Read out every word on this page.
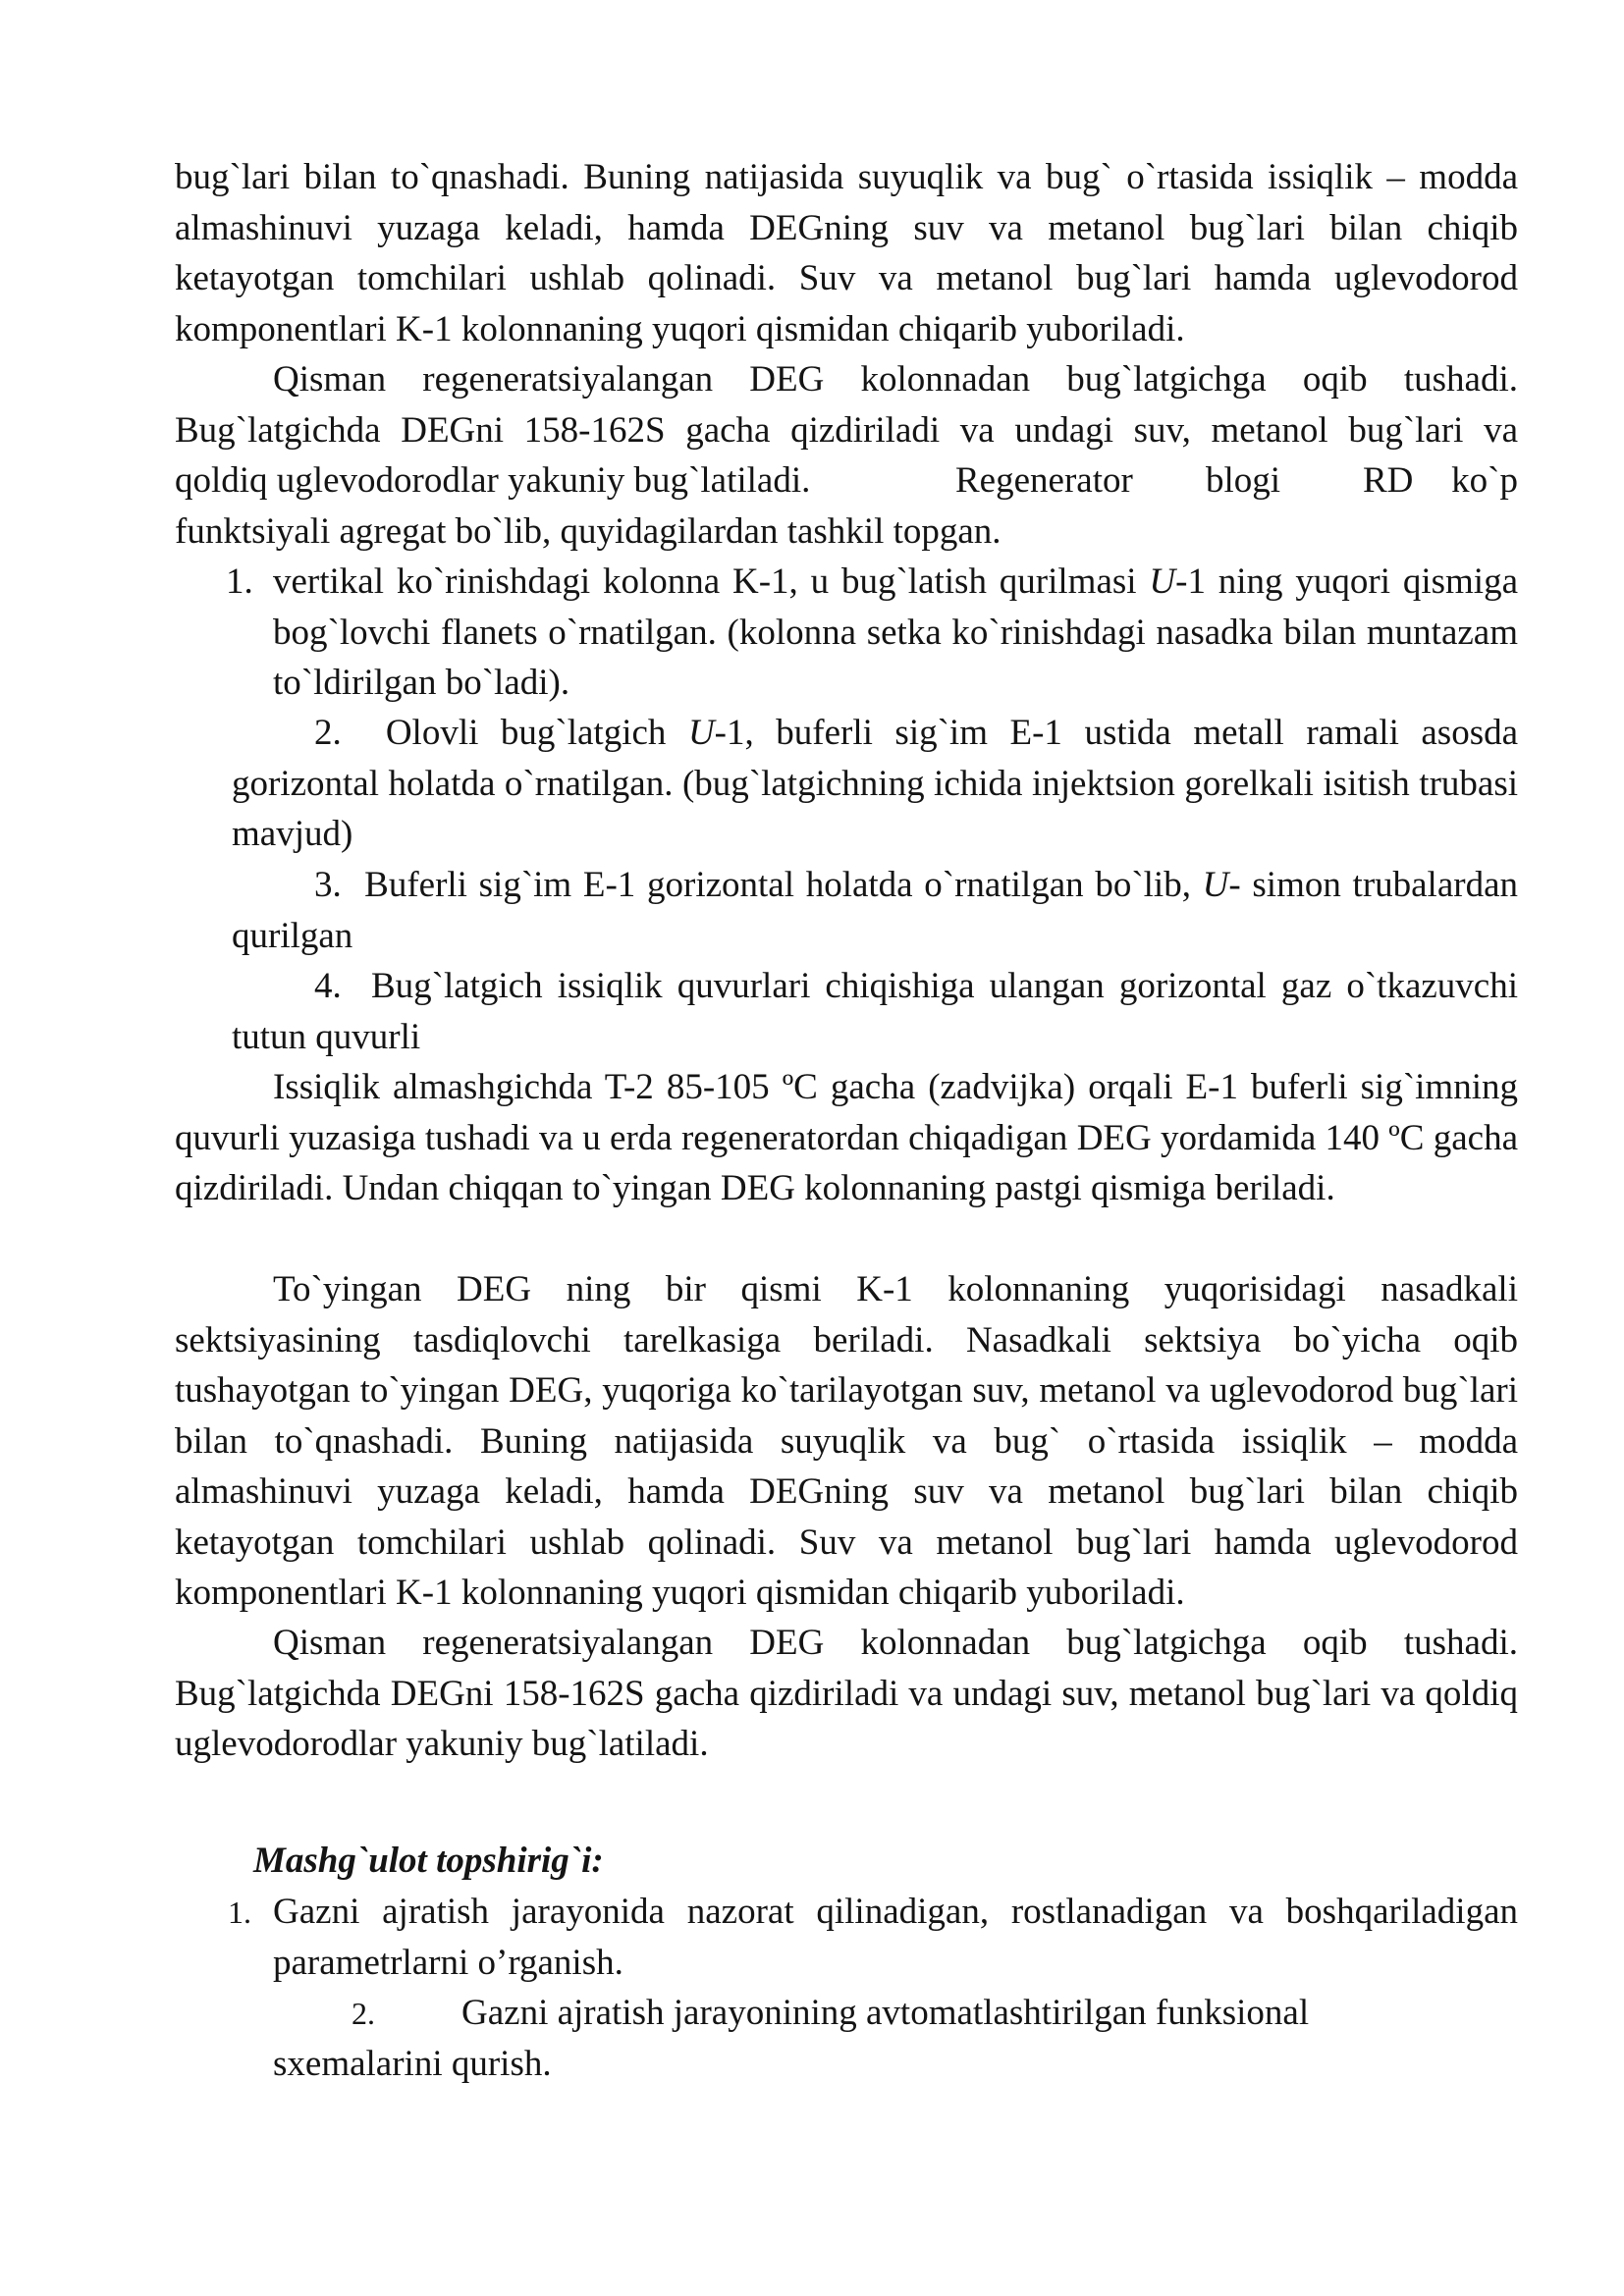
bug`lari bilan to`qnashadi. Buning natijasida suyuqlik va bug` o`rtasida issiqlik – modda almashinuvi yuzaga keladi, hamda DEGning suv va metanol bug`lari bilan chiqib ketayotgan tomchilari ushlab qolinadi. Suv va metanol bug`lari hamda uglevodorod komponentlari K-1 kolonnaning yuqori qismidan chiqarib yuboriladi.

Qisman regeneratsiyalangan DEG kolonnadan bug`latgichga oqib tushadi.
Bug`latgichda DEGni 158-162S gacha qizdiriladi va undagi suv, metanol bug`lari va
qoldiq uglevodorodlar yakuniy bug`latiladi.	Regenerator blogi RD ko`p
funktsiyali agregat bo`lib, quyidagilardan tashkil topgan.
1. vertikal ko`rinishdagi kolonna K-1, u bug`latish qurilmasi U-1 ning yuqori qismiga bog`lovchi flanets o`rnatilgan. (kolonna setka ko`rinishdagi nasadka bilan muntazam to`ldirilgan bo`ladi).

2. Olovli bug`latgich U-1, buferli sig`im E-1 ustida metall ramali asosda gorizontal holatda o`rnatilgan. (bug`latgichning ichida injektsion gorelkali isitish trubasi mavjud)

3. Buferli sig`im E-1 gorizontal holatda o`rnatilgan bo`lib, U- simon trubalardan qurilgan

4. Bug`latgich issiqlik quvurlari chiqishiga ulangan gorizontal gaz o`tkazuvchi tutun quvurli

Issiqlik almashgichda T-2 85-105 ºC gacha (zadvijka) orqali E-1 buferli sig`imning quvurli yuzasiga tushadi va u erda regeneratordan chiqadigan DEG yordamida 140 ºC gacha qizdiriladi. Undan chiqqan to`yingan DEG kolonnaning pastgi qismiga beriladi.

To`yingan DEG ning bir qismi K-1 kolonnaning yuqorisidagi nasadkali sektsiyasining tasdiqlovchi tarelkasiga beriladi. Nasadkali sektsiya bo`yicha oqib tushayotgan to`yingan DEG, yuqoriga ko`tarilayotgan suv, metanol va uglevodorod bug`lari bilan to`qnashadi. Buning natijasida suyuqlik va bug` o`rtasida issiqlik – modda almashinuvi yuzaga keladi, hamda DEGning suv va metanol bug`lari bilan chiqib ketayotgan tomchilari ushlab qolinadi. Suv va metanol bug`lari hamda uglevodorod komponentlari K-1 kolonnaning yuqori qismidan chiqarib yuboriladi.

Qisman regeneratsiyalangan DEG kolonnadan bug`latgichga oqib tushadi. Bug`latgichda DEGni 158-162S gacha qizdiriladi va undagi suv, metanol bug`lari va qoldiq uglevodorodlar yakuniy bug`latiladi.

Mashg`ulot topshirig`i:

1. Gazni ajratish jarayonida nazorat qilinadigan, rostlanadigan va boshqariladigan parametrlarni o’rganish.

2. Gazni ajratish jarayonining avtomatlashtirilgan funksional
sxemalarini qurish.
